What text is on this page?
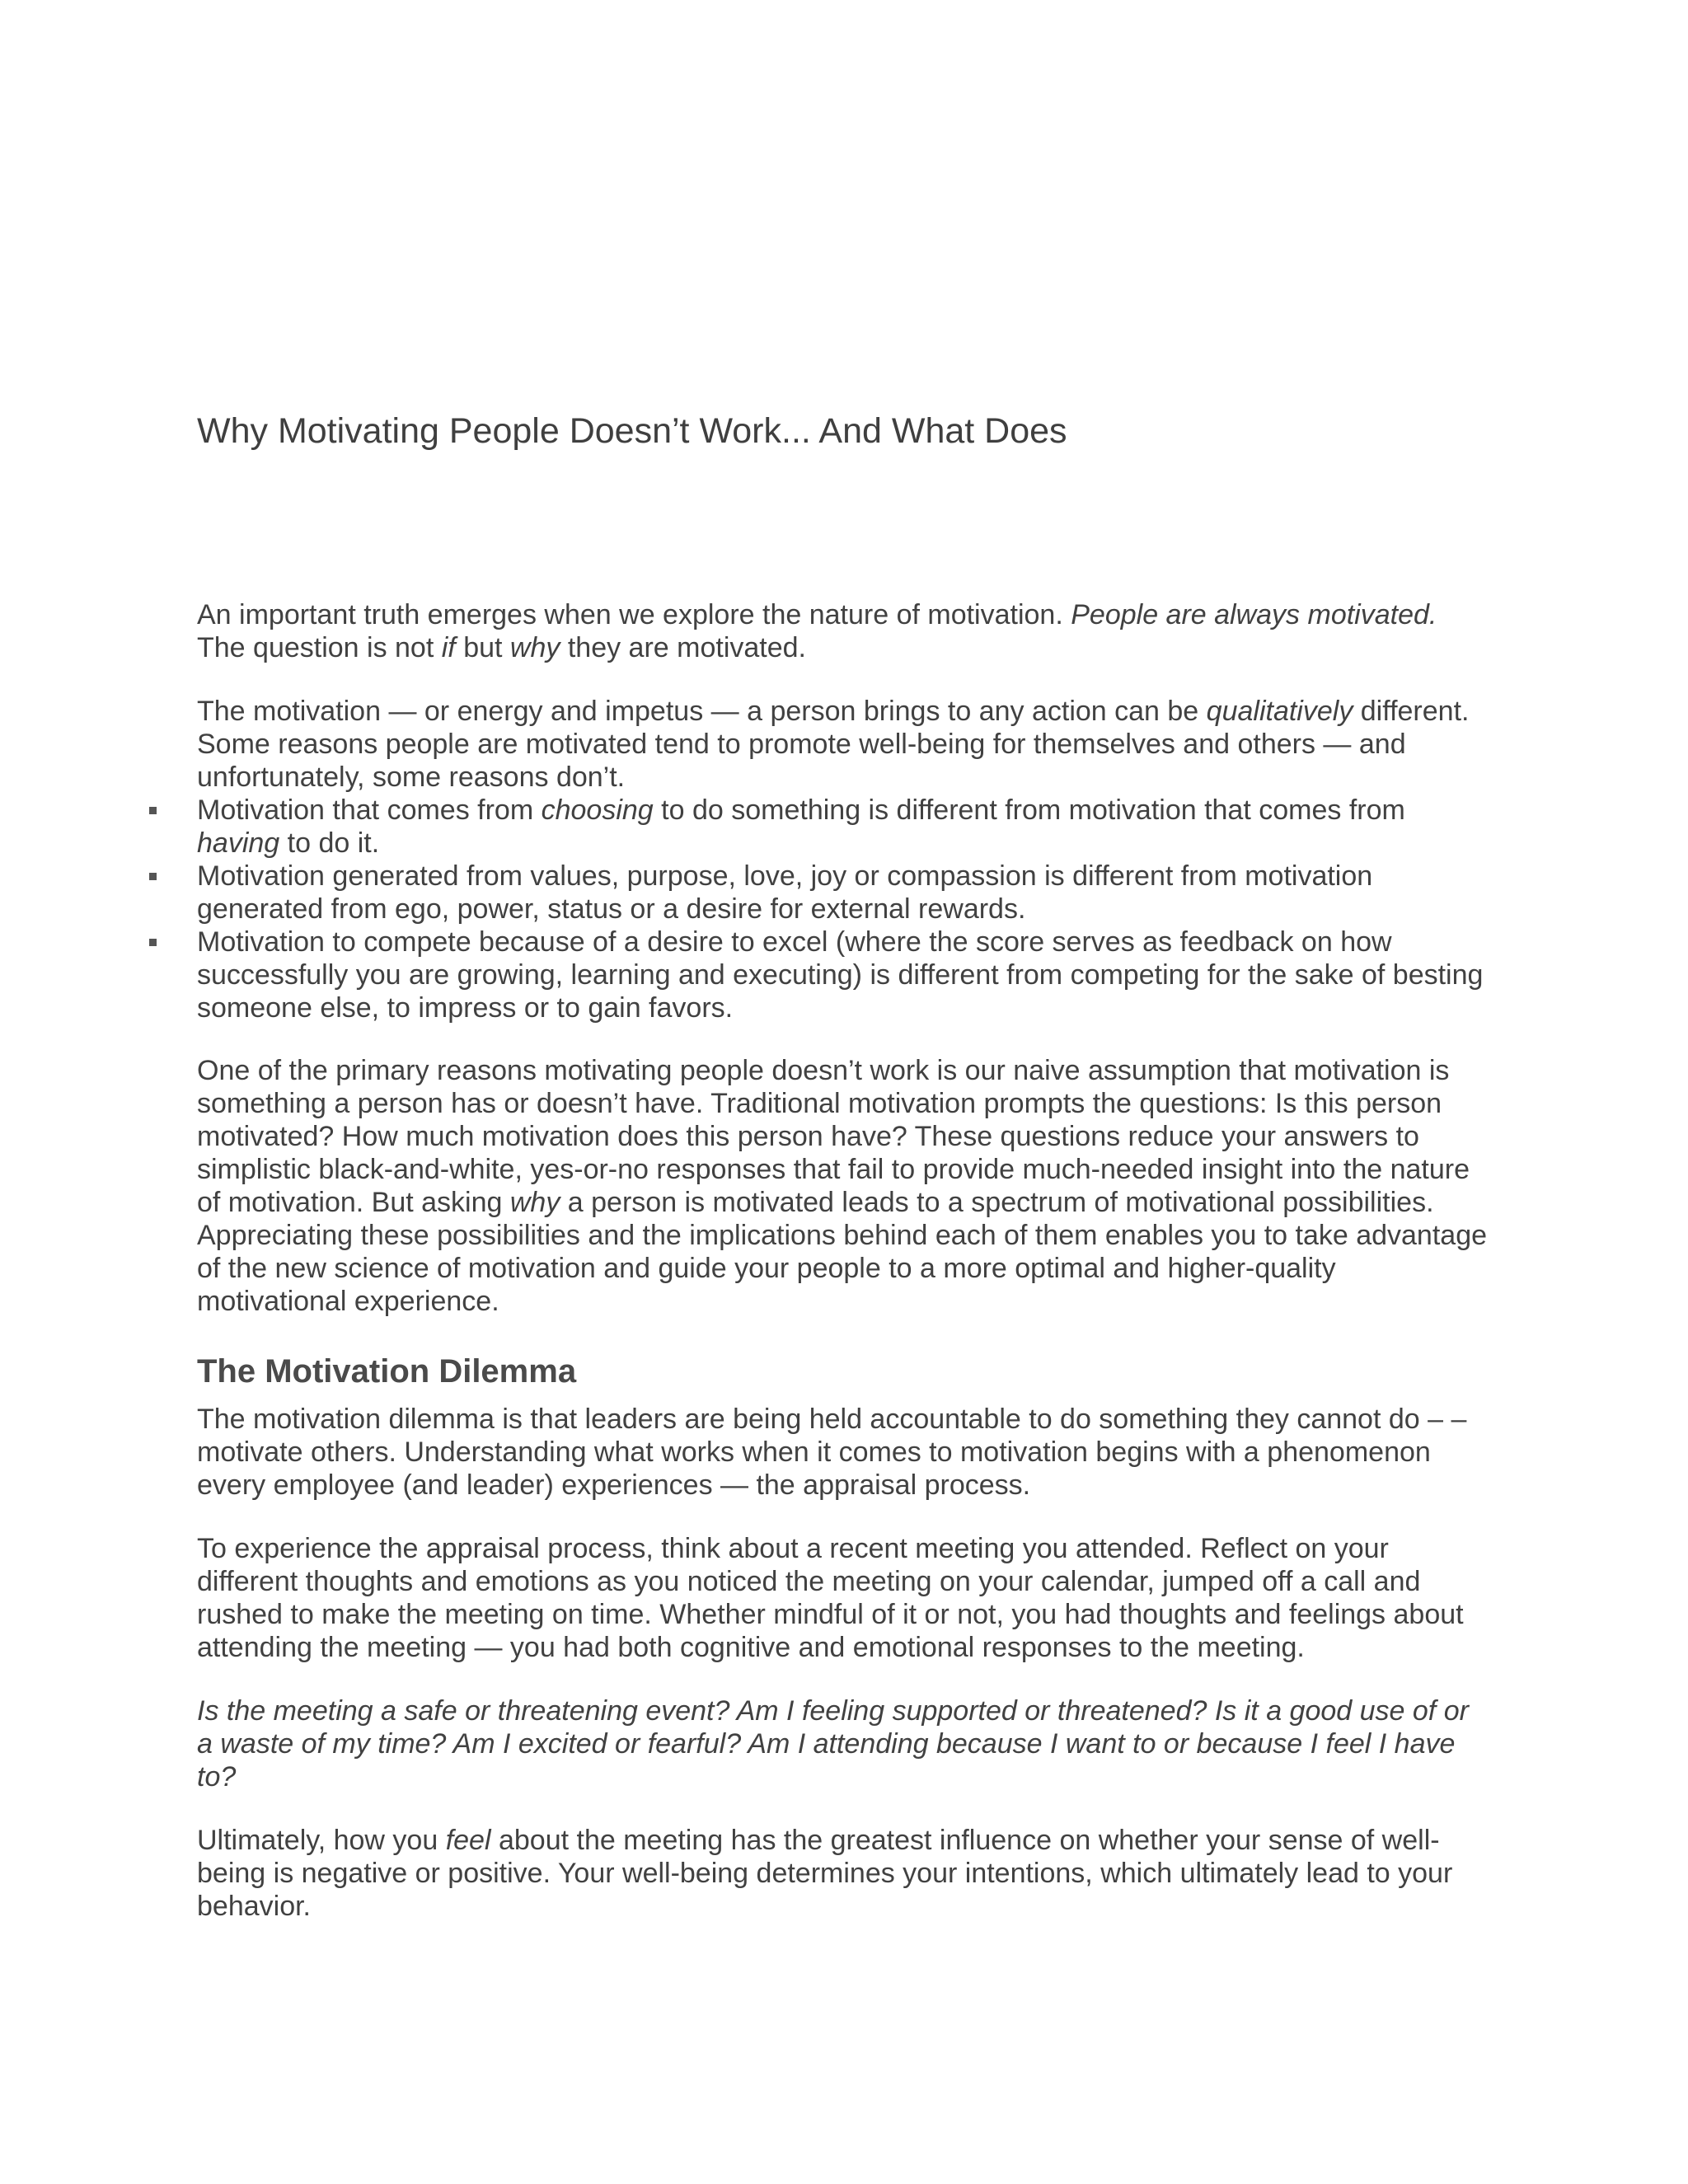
Why Motivating People Doesn’t Work... And What Does

An important truth emerges when we explore the nature of motivation. People are always motivated. The question is not if but why they are motivated.

The motivation — or energy and impetus — a person brings to any action can be qualitatively different. Some reasons people are motivated tend to promote well-being for themselves and others — and unfortunately, some reasons don’t.

Motivation that comes from choosing to do something is different from motivation that comes from having to do it.
Motivation generated from values, purpose, love, joy or compassion is different from motivation generated from ego, power, status or a desire for external rewards.
Motivation to compete because of a desire to excel (where the score serves as feedback on how successfully you are growing, learning and executing) is different from competing for the sake of besting someone else, to impress or to gain favors.

One of the primary reasons motivating people doesn’t work is our naive assumption that motivation is something a person has or doesn’t have. Traditional motivation prompts the questions: Is this person motivated? How much motivation does this person have? These questions reduce your answers to simplistic black-and-white, yes-or-no responses that fail to provide much-needed insight into the nature of motivation. But asking why a person is motivated leads to a spectrum of motivational possibilities. Appreciating these possibilities and the implications behind each of them enables you to take advantage of the new science of motivation and guide your people to a more optimal and higher-quality motivational experience.

The Motivation Dilemma

The motivation dilemma is that leaders are being held accountable to do something they cannot do – – motivate others. Understanding what works when it comes to motivation begins with a phenomenon every employee (and leader) experiences — the appraisal process.

To experience the appraisal process, think about a recent meeting you attended. Reflect on your different thoughts and emotions as you noticed the meeting on your calendar, jumped off a call and rushed to make the meeting on time. Whether mindful of it or not, you had thoughts and feelings about attending the meeting — you had both cognitive and emotional responses to the meeting.

Is the meeting a safe or threatening event? Am I feeling supported or threatened? Is it a good use of or a waste of my time? Am I excited or fearful? Am I attending because I want to or because I feel I have to?

Ultimately, how you feel about the meeting has the greatest influence on whether your sense of well-being is negative or positive. Your well-being determines your intentions, which ultimately lead to your behavior.
